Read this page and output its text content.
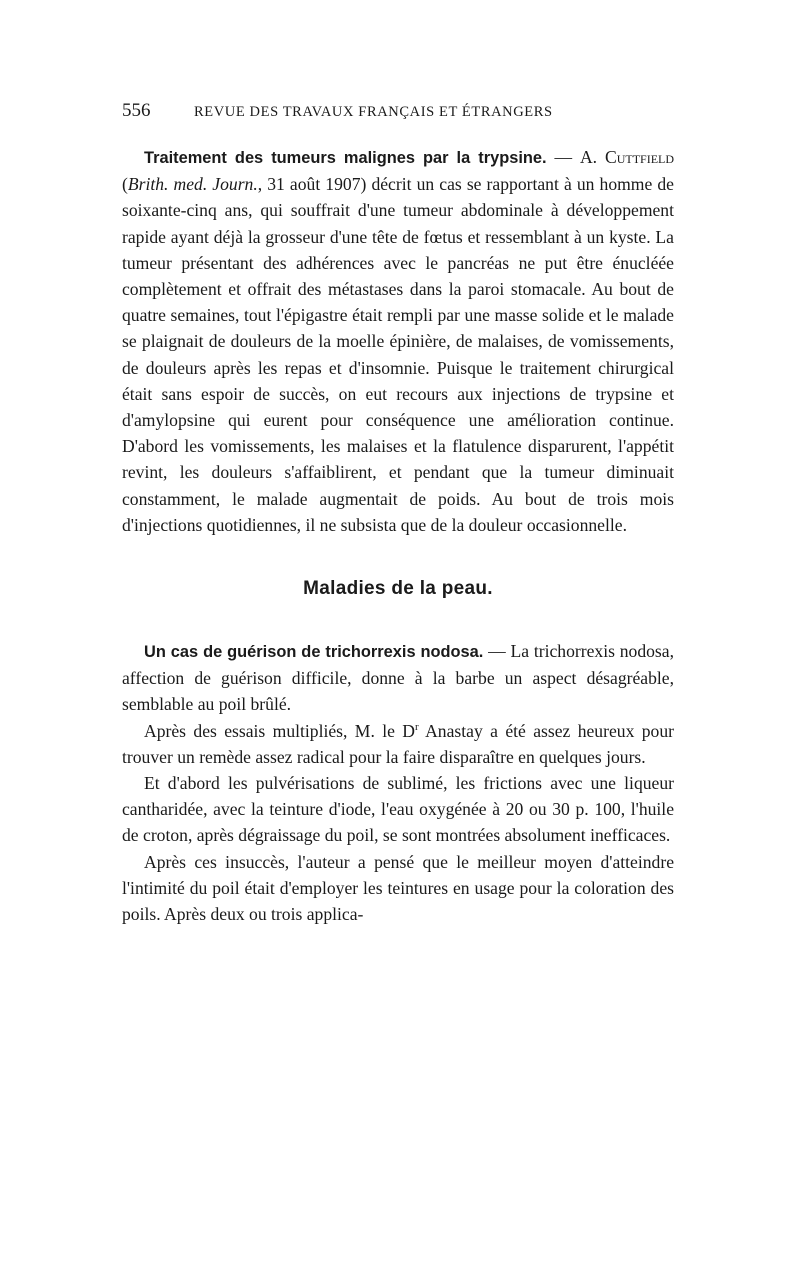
556	REVUE DES TRAVAUX FRANÇAIS ET ÉTRANGERS

Traitement des tumeurs malignes par la trypsine. — A. Cuttfield (Brith. med. Journ., 31 août 1907) décrit un cas se rapportant à un homme de soixante-cinq ans, qui souffrait d'une tumeur abdominale à développement rapide ayant déjà la grosseur d'une tête de fœtus et ressemblant à un kyste. La tumeur présentant des adhérences avec le pancréas ne put être énucléée complètement et offrait des métastases dans la paroi stomacale. Au bout de quatre semaines, tout l'épigastre était rempli par une masse solide et le malade se plaignait de douleurs de la moelle épinière, de malaises, de vomissements, de douleurs après les repas et d'insomnie. Puisque le traitement chirurgical était sans espoir de succès, on eut recours aux injections de trypsine et d'amylopsine qui eurent pour conséquence une amélioration continue. D'abord les vomissements, les malaises et la flatulence disparurent, l'appétit revint, les douleurs s'affaiblirent, et pendant que la tumeur diminuait constamment, le malade augmentait de poids. Au bout de trois mois d'injections quotidiennes, il ne subsista que de la douleur occasionnelle.

Maladies de la peau.

Un cas de guérison de trichorrexis nodosa. — La trichorrexis nodosa, affection de guérison difficile, donne à la barbe un aspect désagréable, semblable au poil brûlé.

Après des essais multipliés, M. le $D^r$ Anastay a été assez heureux pour trouver un remède assez radical pour la faire disparaître en quelques jours.

Et d'abord les pulvérisations de sublimé, les frictions avec une liqueur cantharidée, avec la teinture d'iode, l'eau oxygénée à 20 ou 30 p. 100, l'huile de croton, après dégraissage du poil, se sont montrées absolument inefficaces.

Après ces insuccès, l'auteur a pensé que le meilleur moyen d'atteindre l'intimité du poil était d'employer les teintures en usage pour la coloration des poils. Après deux ou trois applica-
